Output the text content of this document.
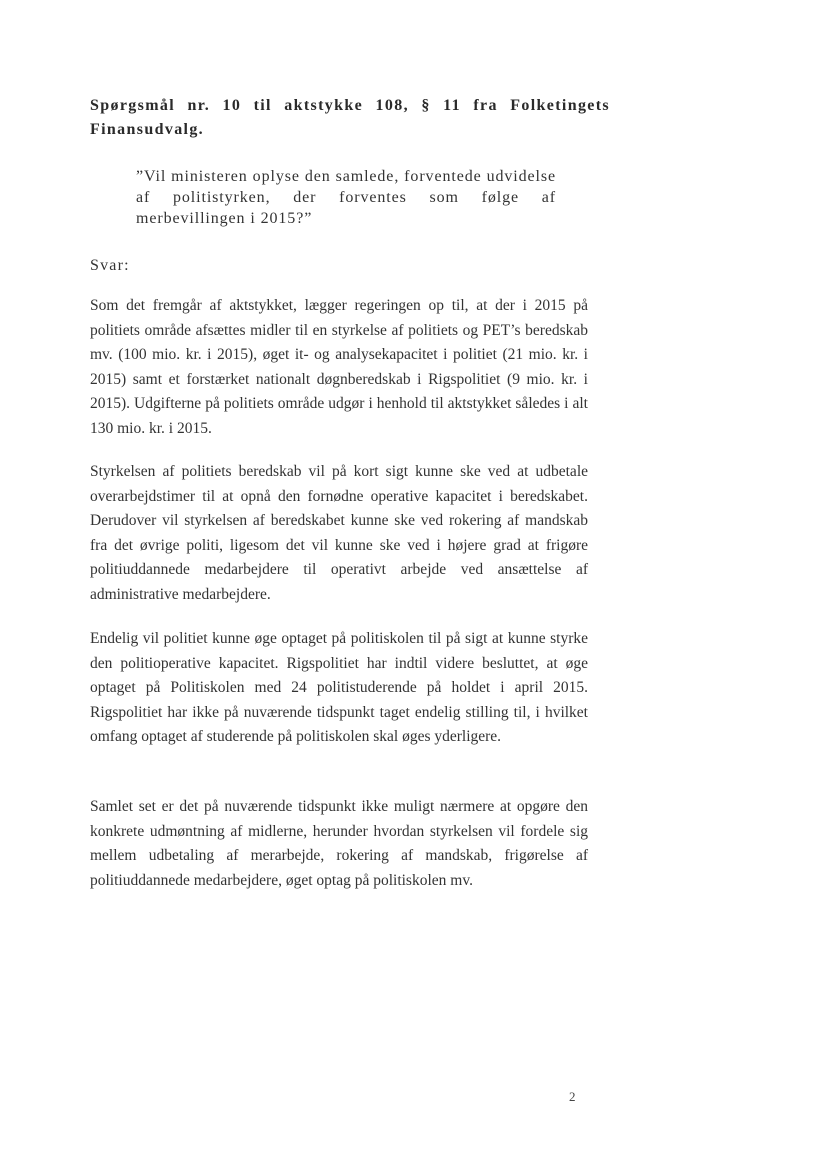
Spørgsmål nr. 10 til aktstykke 108, § 11 fra Folketingets Finansudvalg.
”Vil ministeren oplyse den samlede, forventede udvidelse af politistyrken, der forventes som følge af merbevillingen i 2015?”
Svar:

Som det fremgår af aktstykket, lægger regeringen op til, at der i 2015 på politiets område afsættes midler til en styrkelse af politiets og PET’s beredskab mv. (100 mio. kr. i 2015), øget it- og analysekapacitet i politiet (21 mio. kr. i 2015) samt et forstærket nationalt døgnberedskab i Rigspolitiet (9 mio. kr. i 2015). Udgifterne på politiets område udgør i henhold til aktstykket således i alt 130 mio. kr. i 2015.

Styrkelsen af politiets beredskab vil på kort sigt kunne ske ved at udbetale overarbejdstimer til at opnå den fornødne operative kapacitet i beredskabet. Derudover vil styrkelsen af beredskabet kunne ske ved rokering af mandskab fra det øvrige politi, ligesom det vil kunne ske ved i højere grad at frigøre politiuddannede medarbejdere til operativt arbejde ved ansættelse af administrative medarbejdere.

Endelig vil politiet kunne øge optaget på politiskolen til på sigt at kunne styrke den politioperative kapacitet. Rigspolitiet har indtil videre besluttet, at øge optaget på Politiskolen med 24 politistuderende på holdet i april 2015. Rigspolitiet har ikke på nuværende tidspunkt taget endelig stilling til, i hvilket omfang optaget af studerende på politiskolen skal øges yderligere.

Samlet set er det på nuværende tidspunkt ikke muligt nærmere at opgøre den konkrete udmøntning af midlerne, herunder hvordan styrkelsen vil fordele sig mellem udbetaling af merarbejde, rokering af mandskab, frigørelse af politiuddannede medarbejdere, øget optag på politiskolen mv.

2
